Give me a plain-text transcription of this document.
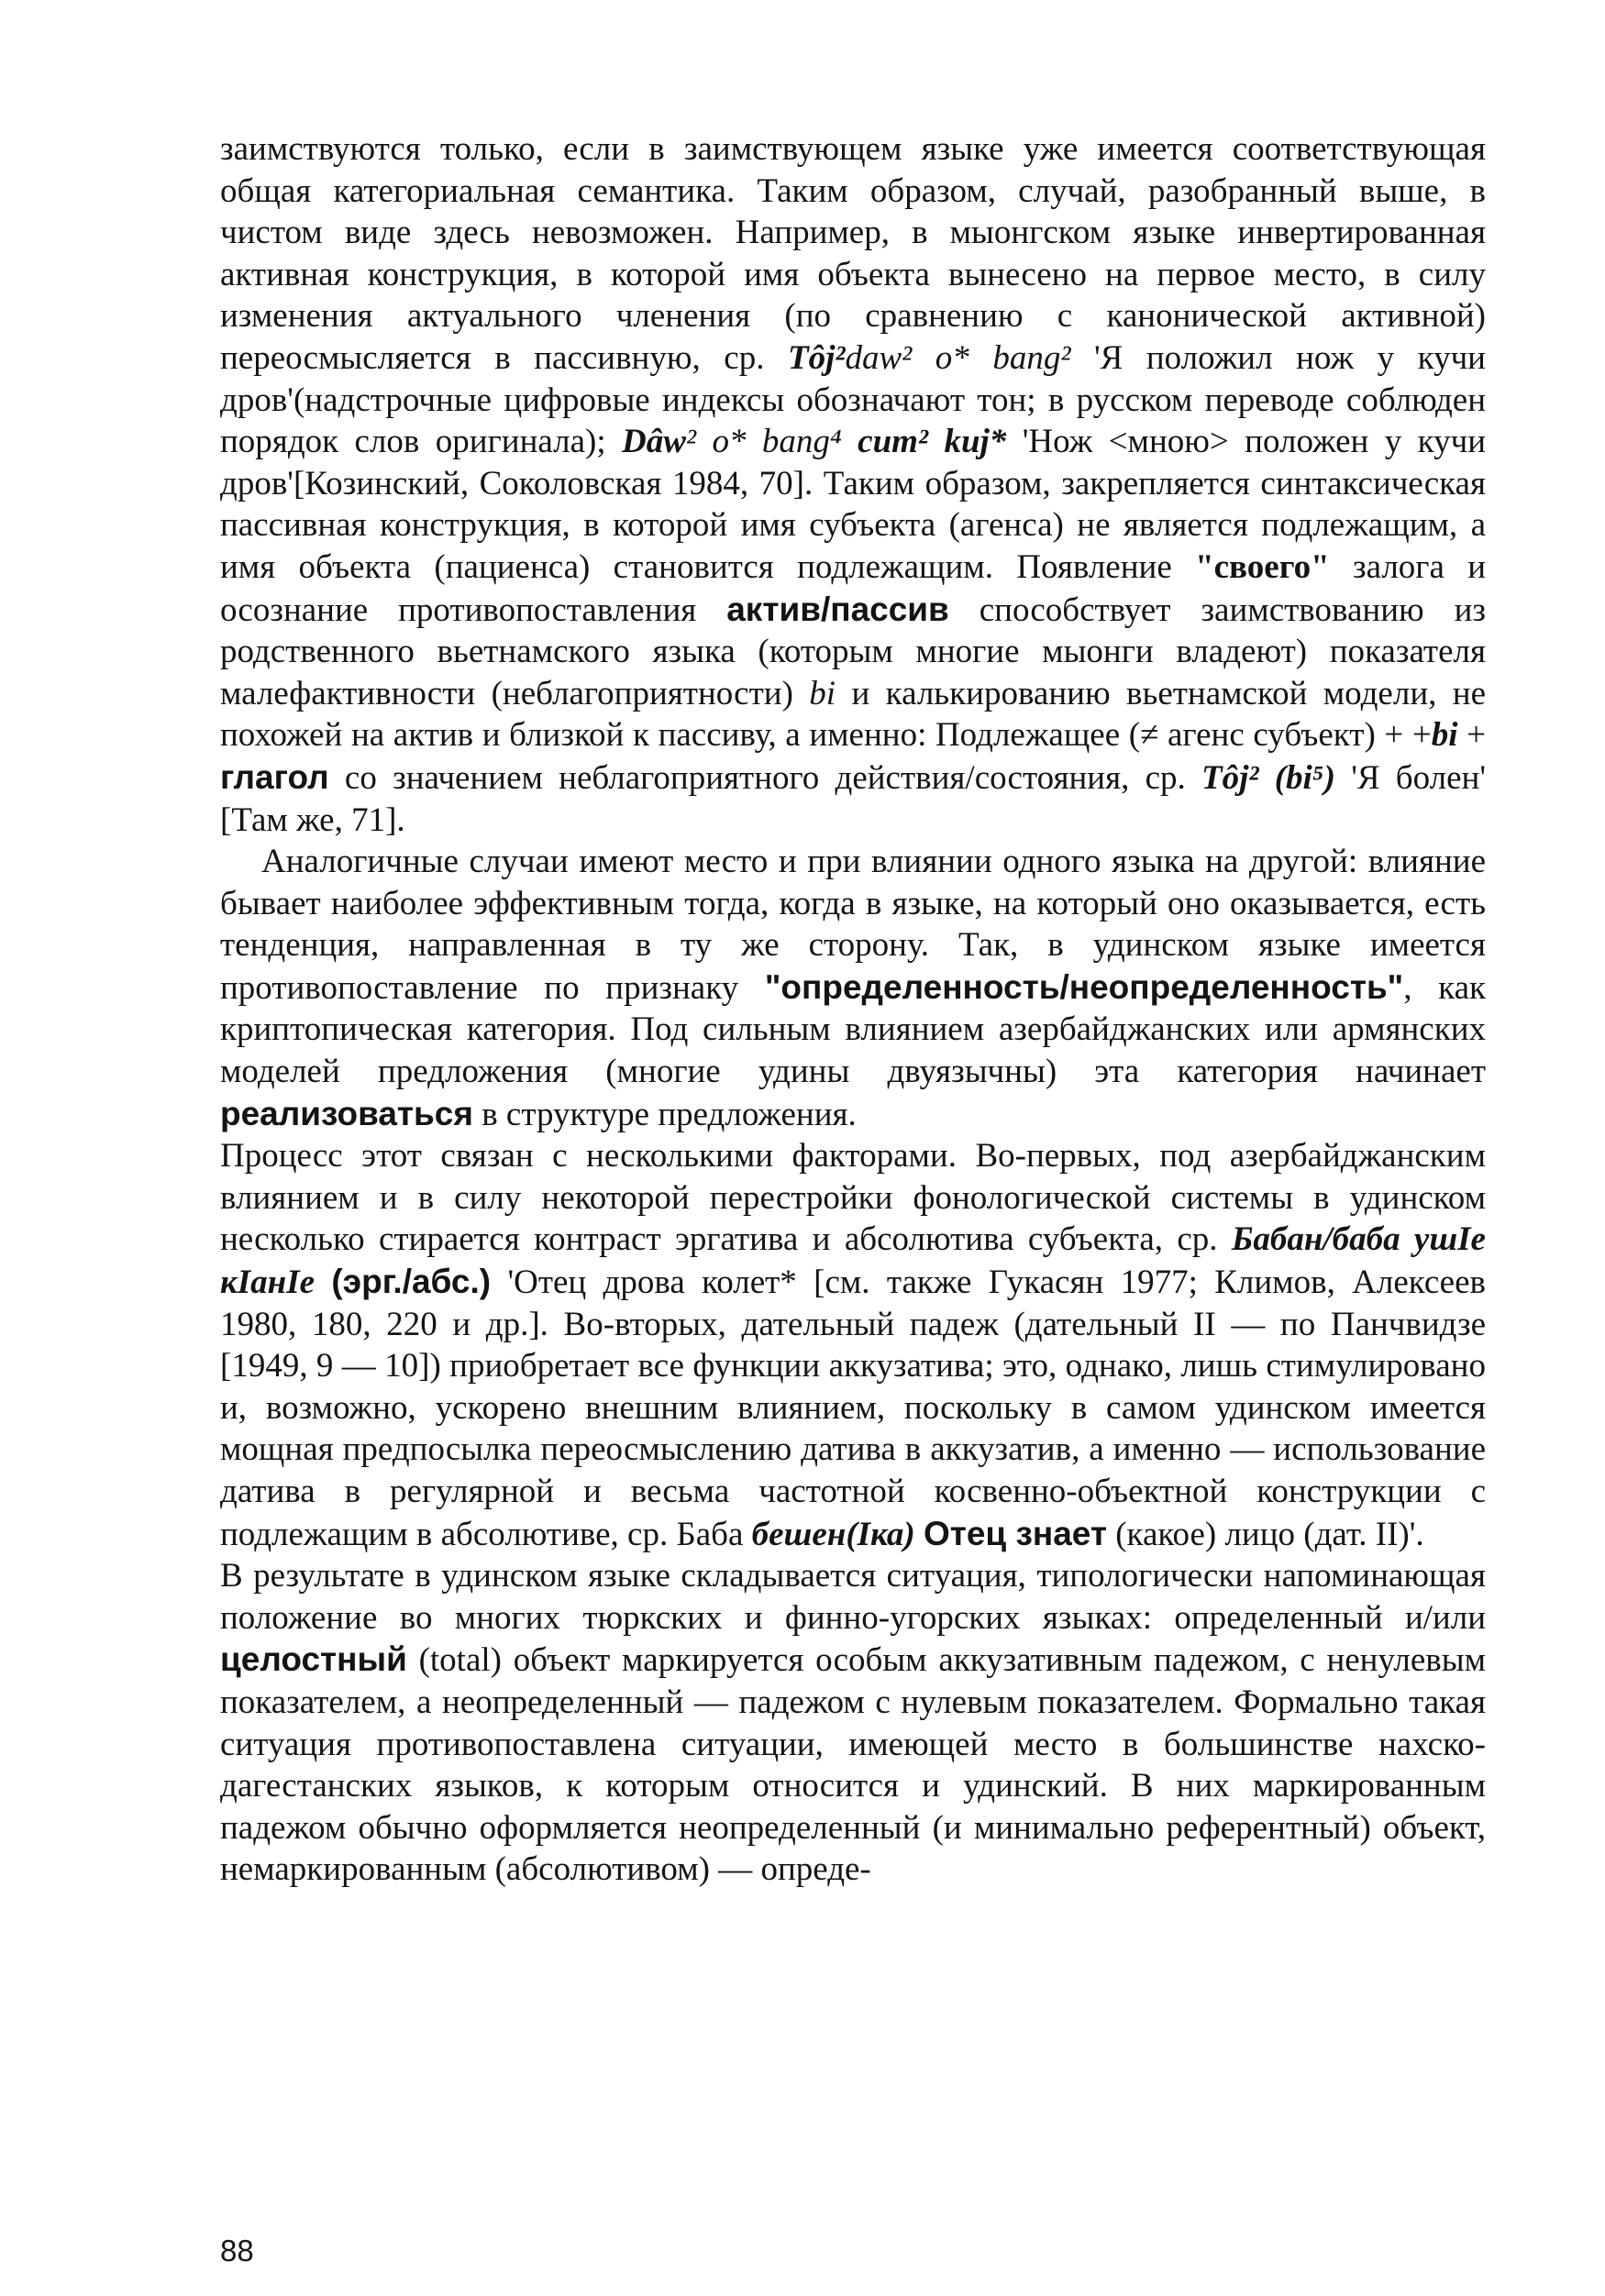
заимствуются только, если в заимствующем языке уже имеется соответствующая общая категориальная семантика. Таким образом, случай, разобранный выше, в чистом виде здесь невозможен. Например, в мыонгском языке инвертированная активная конструкция, в которой имя объекта вынесено на первое место, в силу изменения актуального членения (по сравнению с канонической активной) переосмысляется в пассивную, ср. Tôj²daw² o* bang² 'Я положил нож у кучи дров'(надстрочные цифровые индексы обозначают тон; в русском переводе соблюден порядок слов оригинала); Dâw² o* bang⁴ cum² kuj* 'Нож <мною> положен у кучи дров'[Козинский, Соколовская 1984, 70]. Таким образом, закрепляется синтаксическая пассивная конструкция, в которой имя субъекта (агенса) не является подлежащим, а имя объекта (пациенса) становится подлежащим. Появление "своего" залога и осознание противопоставления актив/пассив способствует заимствованию из родственного вьетнамского языка (которым многие мыонги владеют) показателя малефактивности (неблагоприятности) bi и калькированию вьетнамской модели, не похожей на актив и близкой к пассиву, а именно: Подлежащее (≠ агенс субъект) + +bi + глагол со значением неблагоприятного действия/состояния, ср. Tôj² (bi⁵) 'Я болен' [Там же, 71].

Аналогичные случаи имеют место и при влиянии одного языка на другой: влияние бывает наиболее эффективным тогда, когда в языке, на который оно оказывается, есть тенденция, направленная в ту же сторону. Так, в удинском языке имеется противопоставление по признаку "определенность/неопределенность", как криптопическая категория. Под сильным влиянием азербайджанских или армянских моделей предложения (многие удины двуязычны) эта категория начинает реализоваться в структуре предложения.

Процесс этот связан с несколькими факторами. Во-первых, под азербайджанским влиянием и в силу некоторой перестройки фонологической системы в удинском несколько стирается контраст эргатива и абсолютива субъекта, ср. Бабан/баба ушIе кIанIе (эрг./абс.) 'Отец дрова колет* [см. также Гукасян 1977; Климов, Алексеев 1980, 180, 220 и др.]. Во-вторых, дательный падеж (дательный II — по Панчвидзе [1949, 9 — 10]) приобретает все функции аккузатива; это, однако, лишь стимулировано и, возможно, ускорено внешним влиянием, поскольку в самом удинском имеется мощная предпосылка переосмыслению датива в аккузатив, а именно — использование датива в регулярной и весьма частотной косвенно-объектной конструкции с подлежащим в абсолютиве, ср. Баба бешен(Iка) Отец знает (какое) лицо (дат. II)'.

В результате в удинском языке складывается ситуация, типологически напоминающая положение во многих тюркских и финно-угорских языках: определенный и/или целостный (total) объект маркируется особым аккузативным падежом, с ненулевым показателем, а неопределенный — падежом с нулевым показателем. Формально такая ситуация противопоставлена ситуации, имеющей место в большинстве нахско-дагестанских языков, к которым относится и удинский. В них маркированным падежом обычно оформляется неопределенный (и минимально референтный) объект, немаркированным (абсолютивом) — опреде-

88
